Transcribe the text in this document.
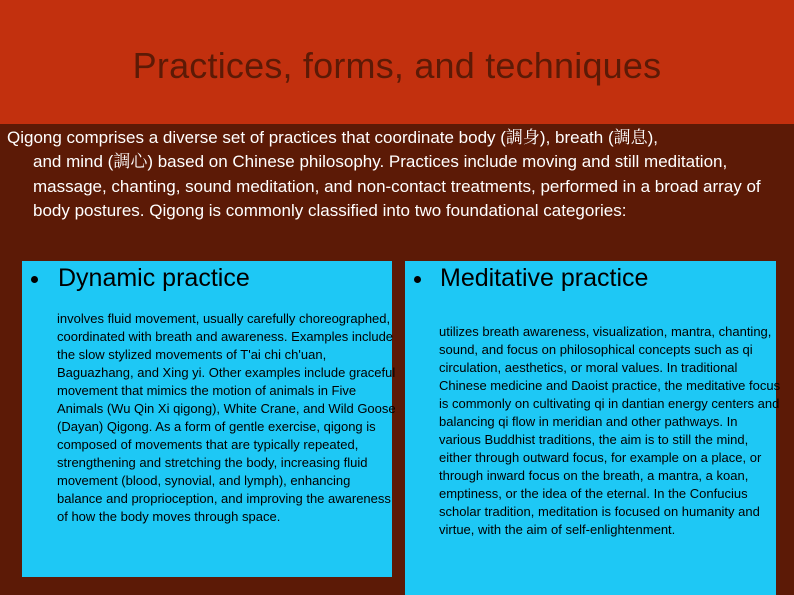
Practices, forms, and techniques
Qigong comprises a diverse set of practices that coordinate body (調身), breath (調息),
and mind (調心) based on Chinese philosophy. Practices include moving and still meditation, massage, chanting, sound meditation, and non-contact treatments, performed in a broad array of body postures. Qigong is commonly classified into two foundational categories:
Dynamic practice
involves fluid movement, usually carefully choreographed, coordinated with breath and awareness. Examples include the slow stylized movements of T'ai chi ch'uan, Baguazhang, and Xing yi. Other examples include graceful movement that mimics the motion of animals in Five Animals (Wu Qin Xi qigong), White Crane, and Wild Goose (Dayan) Qigong. As a form of gentle exercise, qigong is composed of movements that are typically repeated, strengthening and stretching the body, increasing fluid movement (blood, synovial, and lymph), enhancing balance and proprioception, and improving the awareness of how the body moves through space.
Meditative practice
utilizes breath awareness, visualization, mantra, chanting, sound, and focus on philosophical concepts such as qi circulation, aesthetics, or moral values. In traditional Chinese medicine and Daoist practice, the meditative focus is commonly on cultivating qi in dantian energy centers and balancing qi flow in meridian and other pathways. In various Buddhist traditions, the aim is to still the mind, either through outward focus, for example on a place, or through inward focus on the breath, a mantra, a koan, emptiness, or the idea of the eternal. In the Confucius scholar tradition, meditation is focused on humanity and virtue, with the aim of self-enlightenment.
